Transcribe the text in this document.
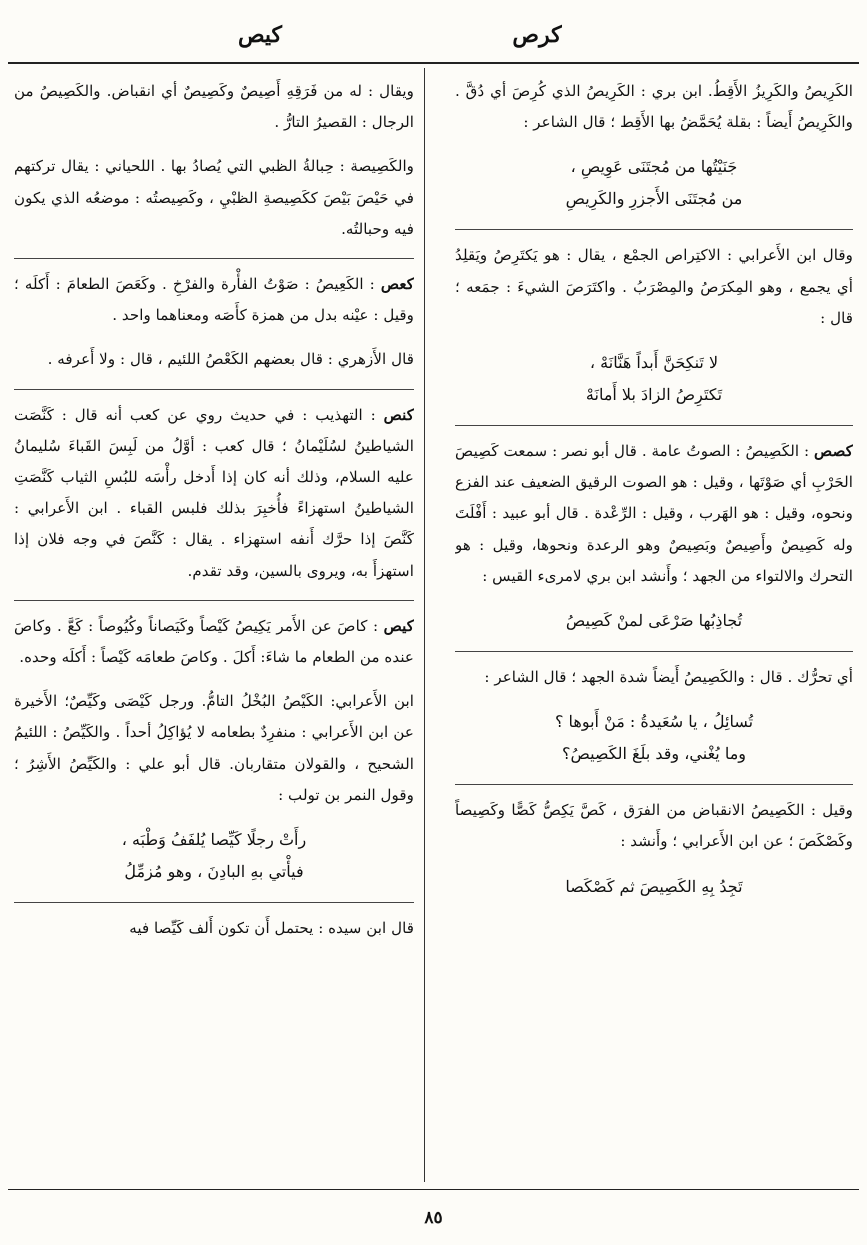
كرص
كيص

الكَرِيصُ والكَرِيزُ الأَقِطُ. ابن بري : الكَرِيصُ الذي كُرِصَ أي دُقَّ . والكَرِيصُ أَيضاً : بقلة يُحَمَّضُ بها الأَقِط ؛ قال الشاعر :

جَنَيْتُها من مُجتَنَى عَوِيصِ ،
من مُجتَنَى الأَجزرِ والكَرِيصِ

وقال ابن الأَعرابي : الاكتِراص الجمْع ، يقال : هو يَكتَرِصُ ويَقلِدُ أي يجمع ، وهو المِكرَصُ والمِصْرَبُ . واكتَرَصَ الشيءَ : جمَعه ؛ قال :

لا تَنكِحَنَّ أَبداً هَنَّانَهْ ،
تَكتَرِصُ الزادَ بلا أَمانَهْ

كصص : الكَصِيصُ : الصوتُ عامة . قال أبو نصر : سمعت كَصِيصَ الحَرْبِ أي صَوْتَها ، وقيل : هو الصوت الرقيق الضعيف عند الفزع ونحوه، وقيل : هو الهَرب ، وقيل : الرِّعْدة . قال أبو عبيد : أَفْلَتَ وله كَصِيصٌ وأَصِيصٌ وبَصِيصٌ وهو الرعدة ونحوها، وقيل : هو التحرك والالتواء من الجهد ؛ وأَنشد ابن بري لامرىء القيس :

تُجاذِبُها صَرْعَى لمنْ كَصِيصُ

أي تحرُّك . قال : والكَصِيصُ أَيضاً شدة الجهد ؛ قال الشاعر :

تُسائِلُ ، يا سُعَيدةُ : مَنْ أَبوها ؟
وما يُغْني، وقد بلَغَ الكَصِيصُ؟

وقيل : الكَصِيصُ الانقباض من الفرَق ، كَصَّ يَكِصُّ كَصًّا وكَصِيصاً وكَصْكَصَ ؛ عن ابن الأَعرابي ؛ وأَنشد :

تَجِدُ بِهِ الكَصِيصَ ثم كَصْكَصا

ويقال : له من فَرَقِهِ أَصِيصٌ وكَصِيصٌ أي انقباض. والكَصِيصُ من الرجال : القصيرُ التارُّ .

والكَصِيصة : حِبالةُ الظبي التي يُصادُ بها . اللحياني : يقال تركتهم في حَيْصَ بَيْصَ ككَصِيصةِ الظبْيِ ، وكَصِيصتُه : موضعُه الذي يكون فيه وحبالتُه.

كعص : الكَعِيصُ : صَوْتُ الفأْرة والفرْخِ . وكَعَصَ الطعامَ : أَكلَه ؛ وقيل : عيْنه بدل من همزة كأَصَه ومعناهما واحد .

قال الأَزهري : قال بعضهم الكَعْصُ اللئيم ، قال : ولا أَعرفه .

كنص : التهذيب : في حديث روي عن كعب أنه قال : كَنَّصَت الشياطينُ لسُلَيْمانُ ؛ قال كعب : أوَّلُ من لَبِسَ القَباءَ سُليمانُ عليه السلام، وذلك أنه كان إذا أَدخل رأْسَه للبُسِ الثياب كَنَّصَتِ الشياطينُ استهزاءً فأُخبِرَ بذلك فلبس القباء . ابن الأَعرابي : كَنَّصَ إذا حرَّك أَنفه استهزاء . يقال : كَنَّصَ في وجه فلان إذا استهزأَ به، ويروى بالسين، وقد تقدم.

كيص : كاصَ عن الأَمر يَكِيصُ كَيْصاً وكَيَصاناً وكُيُوصاً : كَعَّ . وكاصَ عنده من الطعام ما شاءَ: أَكلَ . وكاصَ طعامَه كَيْصاً : أَكلَه وحده.

ابن الأَعرابي: الكَيْصُ البُخْلُ التامُّ. ورجل كَيْصَى وكَيِّصٌ؛ الأَخيرة عن ابن الأَعرابي : منفرِدٌ بطعامه لا يُؤاكِلُ أحداً . والكَيِّصُ : اللئيمُ الشحيح ، والقولان متقاربان. قال أبو علي : والكَيِّصُ الأَشِرُ ؛ وقول النمر بن تولب :

رأَتْ رجلًا كَيِّصا يُلفَفُ وَطْبَه ،
فيأْتي بهِ البادِنَ ، وهو مُزمِّلُ

قال ابن سيده : يحتمل أَن تكون أَلف كَيِّصا فيه

٨٥
